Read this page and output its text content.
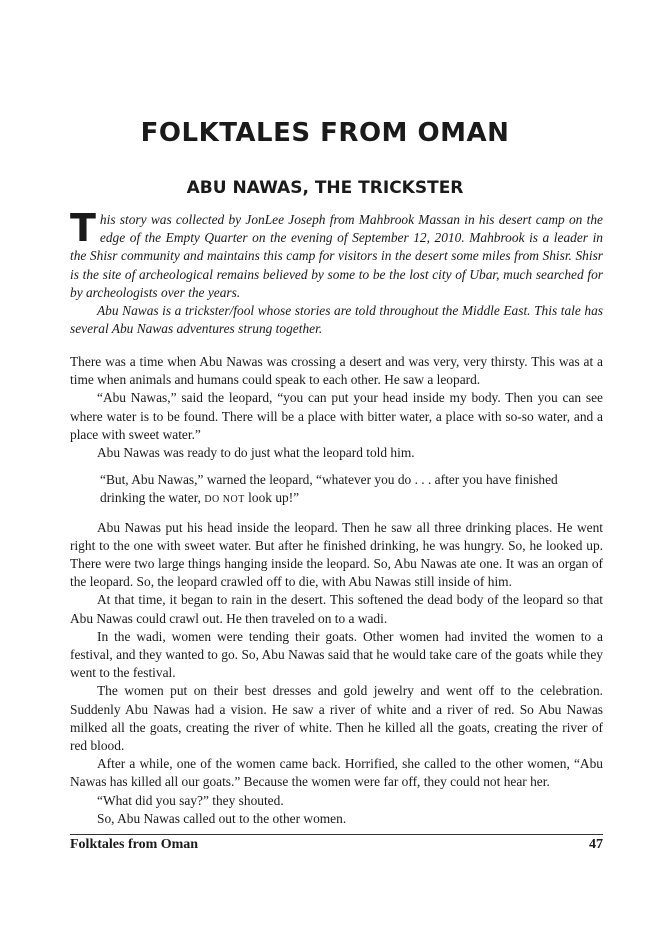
FOLKTALES FROM OMAN
ABU NAWAS, THE TRICKSTER

This story was collected by JonLee Joseph from Mahbrook Massan in his desert camp on the edge of the Empty Quarter on the evening of September 12, 2010. Mahbrook is a leader in the Shisr community and maintains this camp for visitors in the desert some miles from Shisr. Shisr is the site of archeological remains believed by some to be the lost city of Ubar, much searched for by archeologists over the years.

Abu Nawas is a trickster/fool whose stories are told throughout the Middle East. This tale has several Abu Nawas adventures strung together.

There was a time when Abu Nawas was crossing a desert and was very, very thirsty. This was at a time when animals and humans could speak to each other. He saw a leopard.

“Abu Nawas,” said the leopard, “you can put your head inside my body. Then you can see where water is to be found. There will be a place with bitter water, a place with so-so water, and a place with sweet water.”

Abu Nawas was ready to do just what the leopard told him.

“But, Abu Nawas,” warned the leopard, “whatever you do . . . after you have finished drinking the water, DO NOT look up!”

Abu Nawas put his head inside the leopard. Then he saw all three drinking places. He went right to the one with sweet water. But after he finished drinking, he was hungry. So, he looked up. There were two large things hanging inside the leopard. So, Abu Nawas ate one. It was an organ of the leopard. So, the leopard crawled off to die, with Abu Nawas still inside of him.

At that time, it began to rain in the desert. This softened the dead body of the leopard so that Abu Nawas could crawl out. He then traveled on to a wadi.

In the wadi, women were tending their goats. Other women had invited the women to a festival, and they wanted to go. So, Abu Nawas said that he would take care of the goats while they went to the festival.

The women put on their best dresses and gold jewelry and went off to the celebration. Suddenly Abu Nawas had a vision. He saw a river of white and a river of red. So Abu Nawas milked all the goats, creating the river of white. Then he killed all the goats, creating the river of red blood.

After a while, one of the women came back. Horrified, she called to the other women, “Abu Nawas has killed all our goats.” Because the women were far off, they could not hear her.

“What did you say?” they shouted.

So, Abu Nawas called out to the other women.

Folktales from Oman	47
